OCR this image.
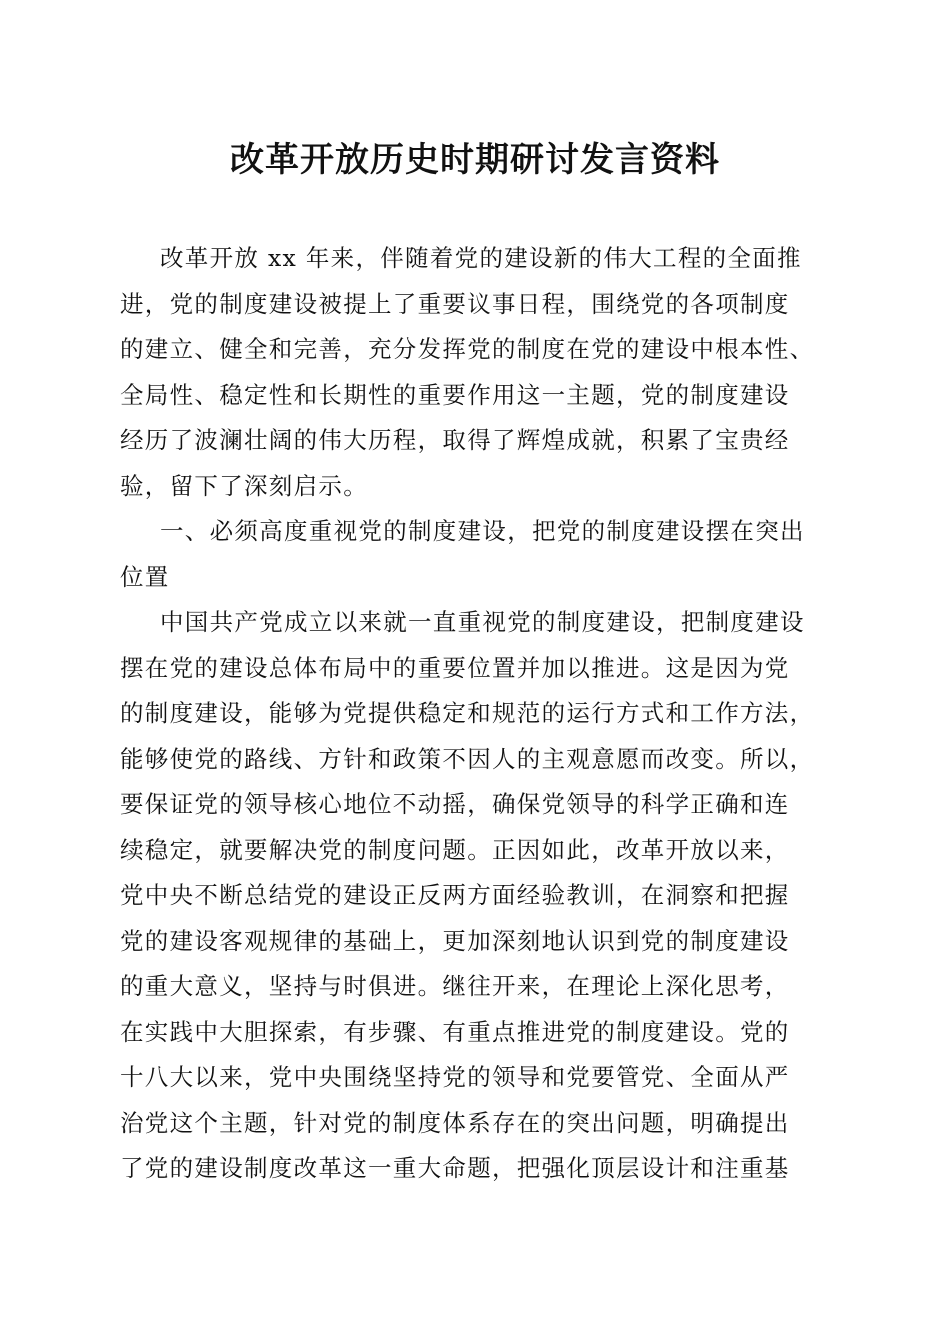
改革开放历史时期研讨发言资料
改革开放 xx 年来，伴随着党的建设新的伟大工程的全面推
进，党的制度建设被提上了重要议事日程，围绕党的各项制度
的建立、健全和完善，充分发挥党的制度在党的建设中根本性、
全局性、稳定性和长期性的重要作用这一主题，党的制度建设
经历了波澜壮阔的伟大历程，取得了辉煌成就，积累了宝贵经
验，留下了深刻启示。
一、必须高度重视党的制度建设，把党的制度建设摆在突出
位置
中国共产党成立以来就一直重视党的制度建设，把制度建设
摆在党的建设总体布局中的重要位置并加以推进。这是因为党
的制度建设，能够为党提供稳定和规范的运行方式和工作方法，
能够使党的路线、方针和政策不因人的主观意愿而改变。所以，
要保证党的领导核心地位不动摇，确保党领导的科学正确和连
续稳定，就要解决党的制度问题。正因如此，改革开放以来，
党中央不断总结党的建设正反两方面经验教训，在洞察和把握
党的建设客观规律的基础上，更加深刻地认识到党的制度建设
的重大意义，坚持与时俱进。继往开来，在理论上深化思考，
在实践中大胆探索，有步骤、有重点推进党的制度建设。党的
十八大以来，党中央围绕坚持党的领导和党要管党、全面从严
治党这个主题，针对党的制度体系存在的突出问题，明确提出
了党的建设制度改革这一重大命题，把强化顶层设计和注重基
